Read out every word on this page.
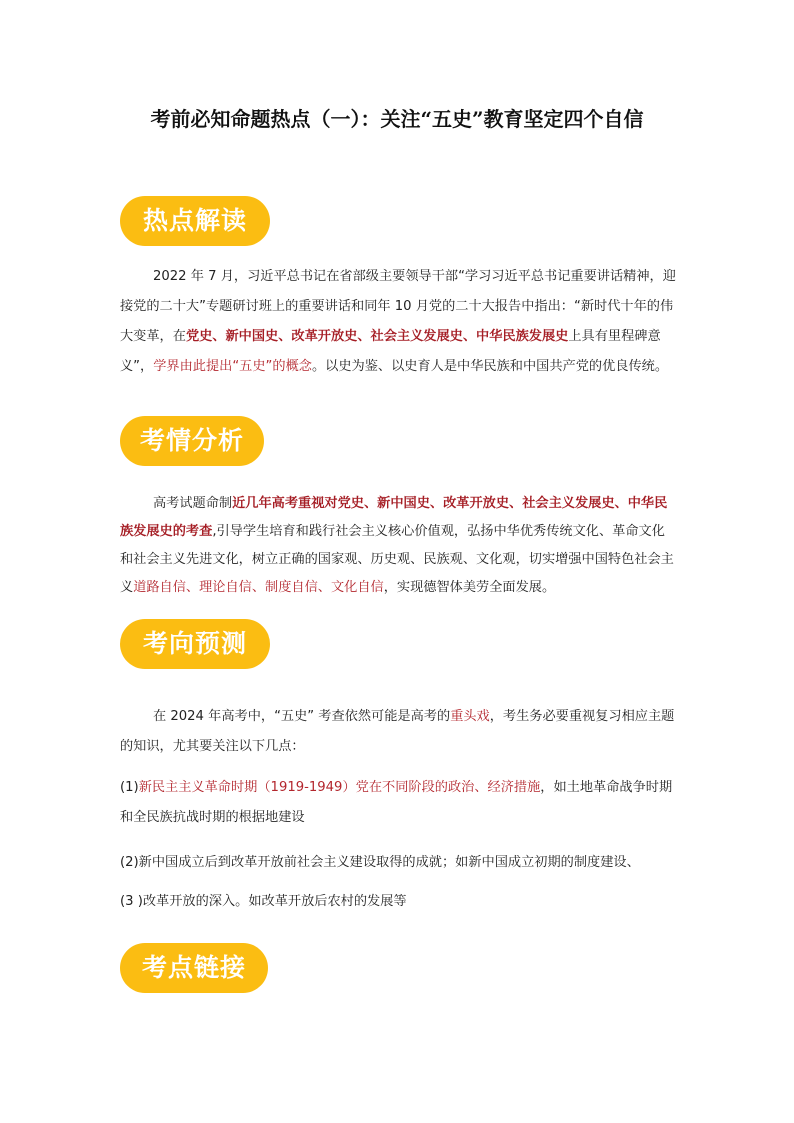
考前必知命题热点（一）：关注“五史”教育坚定四个自信
热点解读
2022 年 7 月，习近平总书记在省部级主要领导干部“学习习近平总书记重要讲话精神，迎接党的二十大”专题研讨班上的重要讲话和同年 10 月党的二十大报告中指出：“新时代十年的伟大变革，在党史、新中国史、改革开放史、社会主义发展史、中华民族发展史上具有里程碑意义”，学界由此提出“五史”的概念。以史为鉴、以史育人是中华民族和中国共产党的优良传统。
考情分析
高考试题命制近几年高考重视对党史、新中国史、改革开放史、社会主义发展史、中华民族发展史的考查,引导学生培育和践行社会主义核心价值观，弘扬中华优秀传统文化、革命文化和社会主义先进文化，树立正确的国家观、历史观、民族观、文化观，切实增强中国特色社会主义道路自信、理论自信、制度自信、文化自信，实现德智体美劳全面发展。
考向预测
在 2024 年高考中，“五史” 考查依然可能是高考的重头戏，考生务必要重视复习相应主题的知识，尤其要关注以下几点：
(1)新民主主义革命时期（1919-1949）党在不同阶段的政治、经济措施，如土地革命战争时期和全民族抗战时期的根据地建设
(2)新中国成立后到改革开放前社会主义建设取得的成就；如新中国成立初期的制度建设、
(3 )改革开放的深入。如改革开放后农村的发展等
考点链接
